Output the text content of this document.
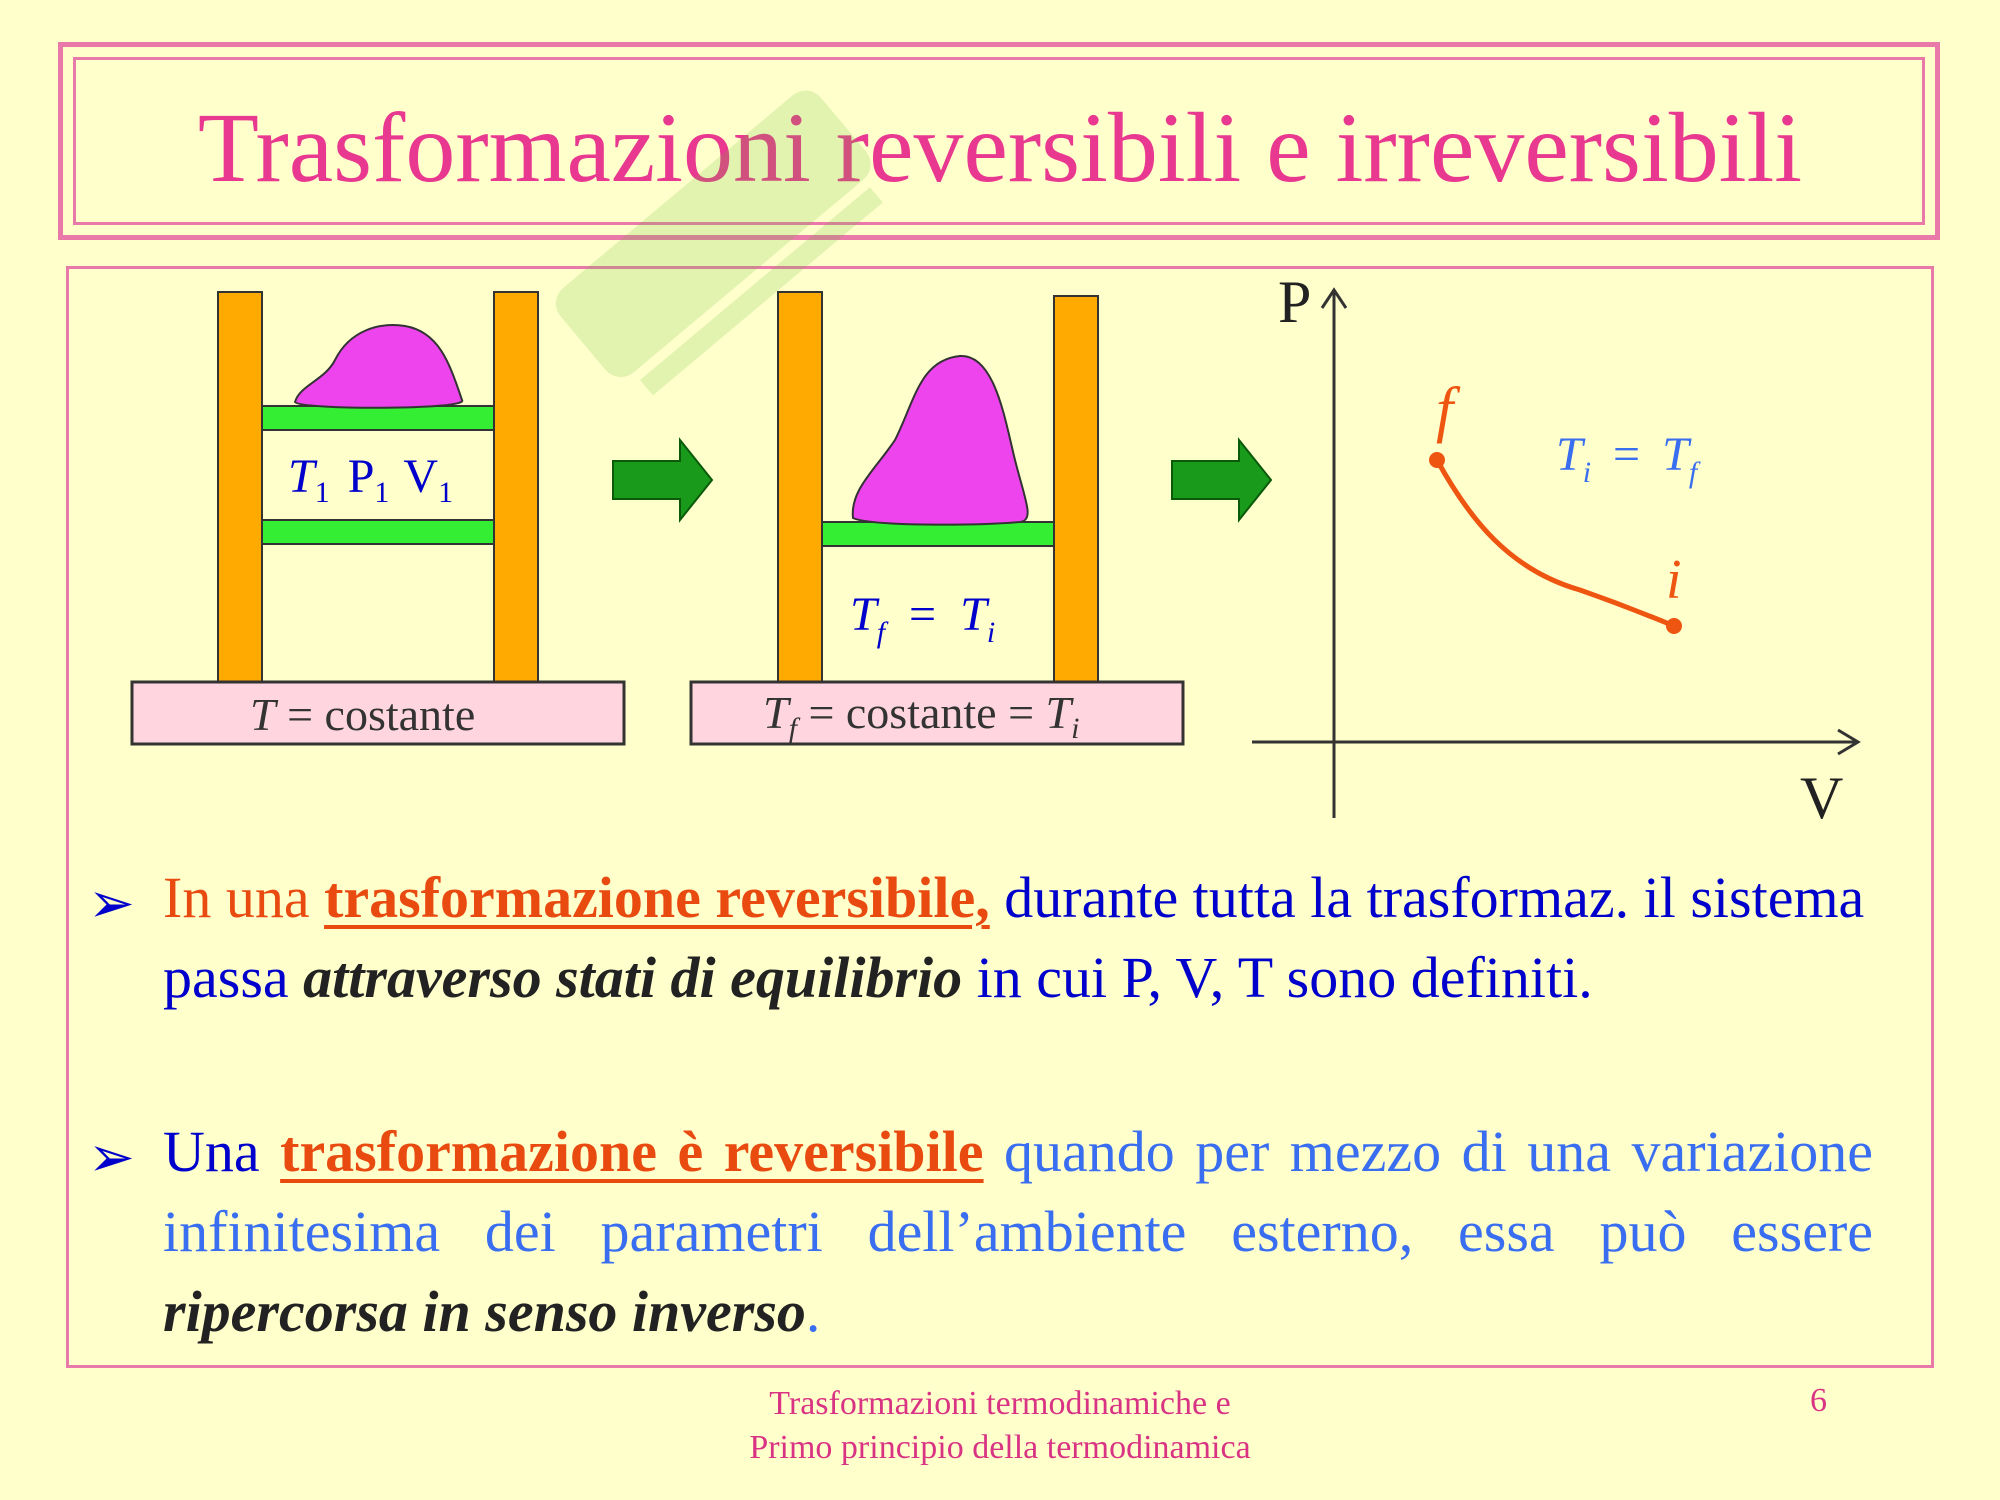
Trasformazioni reversibili e irreversibili
$T_1$ $P_1$ $V_1$
T = costante
$T_f = T_i$
$T_f$ = costante = $T_i$
P
V
f
i
$T_i = T_f$
➢ In una trasformazione reversibile, durante tutta la trasformaz. il sistema passa attraverso stati di equilibrio in cui P, V, T sono definiti.
➢ Una trasformazione è reversibile quando per mezzo di una variazione infinitesima dei parametri dell’ambiente esterno, essa può essere ripercorsa in senso inverso.
Trasformazioni termodinamiche e
Primo principio della termodinamica
6
